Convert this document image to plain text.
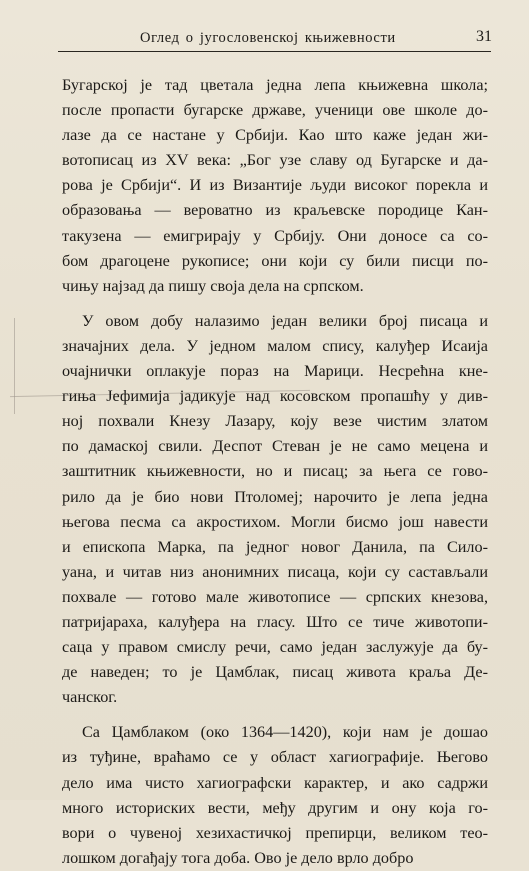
Оглед о југословенској књижевности	31
Бугарској је тад цветала једна лепа књижевна школа;
после пропасти бугарске државе, ученици ове школе до-
лазе да се настане у Србији. Као што каже један жи-
вотописац из XV века: „Бог узе славу од Бугарске и да-
рова је Србији“. И из Византије људи високог порекла и
образовања — вероватно из краљевске породице Кан-
такузена — емигрирају у Србију. Они доносе са со-
бом драгоцене рукописе; они који су били писци по-
чињу најзад да пишу своја дела на српском.
У овом добу налазимо један велики број писаца и
значајних дела. У једном малом спису, калуђер Исаија
очајнички оплакује пораз на Марици. Несрећна кне-
гиња Јефимија јадикује над косовском пропашћу у див-
ној похвали Кнезу Лазару, коју везе чистим златом
по дамаској свили. Деспот Стеван је не само мецена и
заштитник књижевности, но и писац; за њега се гово-
рило да је био нови Птоломеј; нарочито је лепа једна
његова песма са акростихом. Могли бисмо још навести
и епископа Марка, па једног новог Данила, па Сило-
уана, и читав низ анонимних писаца, који су састављали
похвале — готово мале животописе — српских кнезова,
патријараха, калуђера на гласу. Што се тиче животопи-
саца у правом смислу речи, само један заслужује да бу-
де наведен; то је Цамблак, писац живота краља Де-
чанског.
Са Цамблаком (око 1364—1420), који нам је дошао
из туђине, враћамо се у област хагиографије. Његово
дело има чисто хагиографски карактер, и ако садржи
много историских вести, међу другим и ону која го-
вори о чувеној хезихастичкој препирци, великом тео-
лошком догађају тога доба. Ово је дело врло добро
